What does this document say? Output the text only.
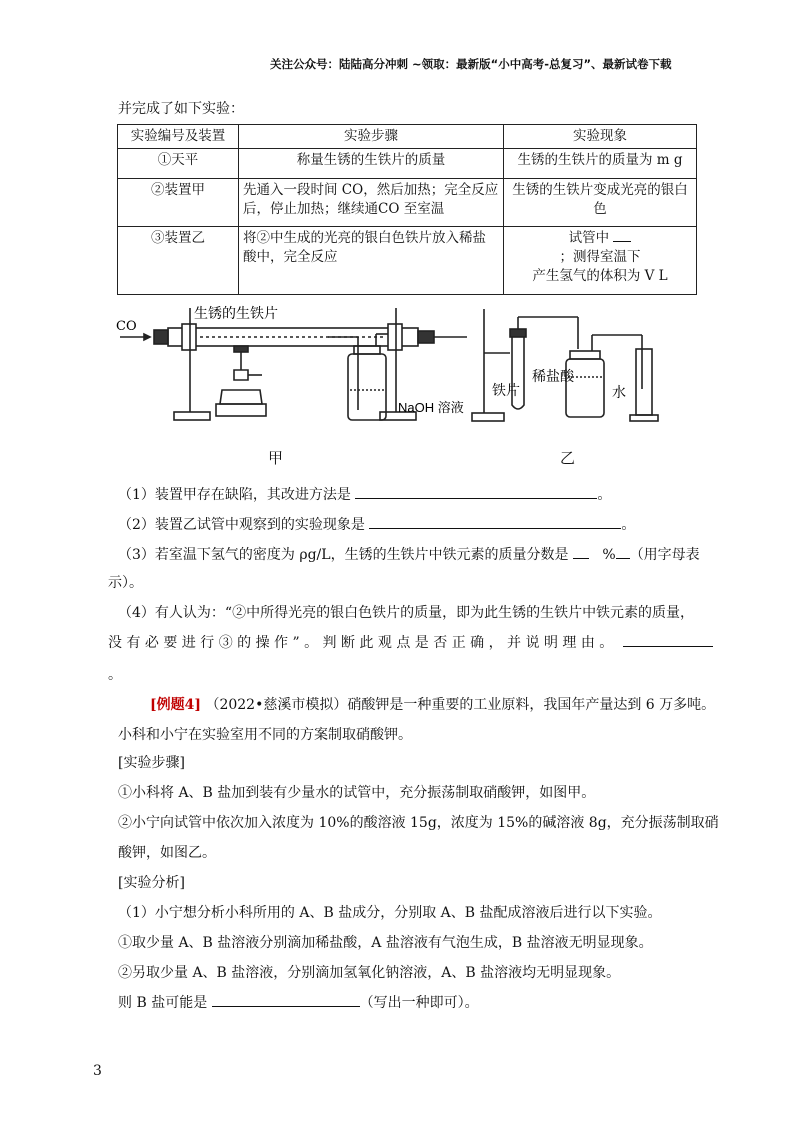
关注公众号：陆陆高分冲刺 ~领取：最新版“小中高考-总复习”、最新试卷下载
并完成了如下实验：
实验编号及装置	实验步骤	实验现象
①天平	称量生锈的生铁片的质量	生锈的生铁片的质量为 m g
②装置甲	先通入一段时间 CO，然后加热；完全反应后，停止加热；继续通CO 至室温	生锈的生铁片变成光亮的银白色
③装置乙	将②中生成的光亮的银白色铁片放入稀盐酸中，完全反应	试管中
；测得室温下
产生氢气的体积为 V L
生锈的生铁片
CO
NaOH 溶液
铁片
稀盐酸
水
甲	乙
（1）装置甲存在缺陷，其改进方法是	。
（2）装置乙试管中观察到的实验现象是	。
（3）若室温下氢气的密度为 ρg/L，生锈的生铁片中铁元素的质量分数是 % （用字母表
示）。
（4）有人认为：“②中所得光亮的银白色铁片的质量，即为此生锈的生铁片中铁元素的质量，
没 有 必 要 进 行 ③ 的 操 作 ” 。 判 断 此 观 点 是 否 正 确 ， 并 说 明 理 由 。
。
[例题4] （2022•慈溪市模拟）硝酸钾是一种重要的工业原料，我国年产量达到 6 万多吨。
小科和小宁在实验室用不同的方案制取硝酸钾。
[实验步骤]
①小科将 A、B 盐加到装有少量水的试管中，充分振荡制取硝酸钾，如图甲。
②小宁向试管中依次加入浓度为 10%的酸溶液 15g，浓度为 15%的碱溶液 8g，充分振荡制取硝
酸钾，如图乙。
[实验分析]
（1）小宁想分析小科所用的 A、B 盐成分，分别取 A、B 盐配成溶液后进行以下实验。
①取少量 A、B 盐溶液分别滴加稀盐酸，A 盐溶液有气泡生成，B 盐溶液无明显现象。
②另取少量 A、B 盐溶液，分别滴加氢氧化钠溶液，A、B 盐溶液均无明显现象。
则 B 盐可能是	（写出一种即可）。
3
